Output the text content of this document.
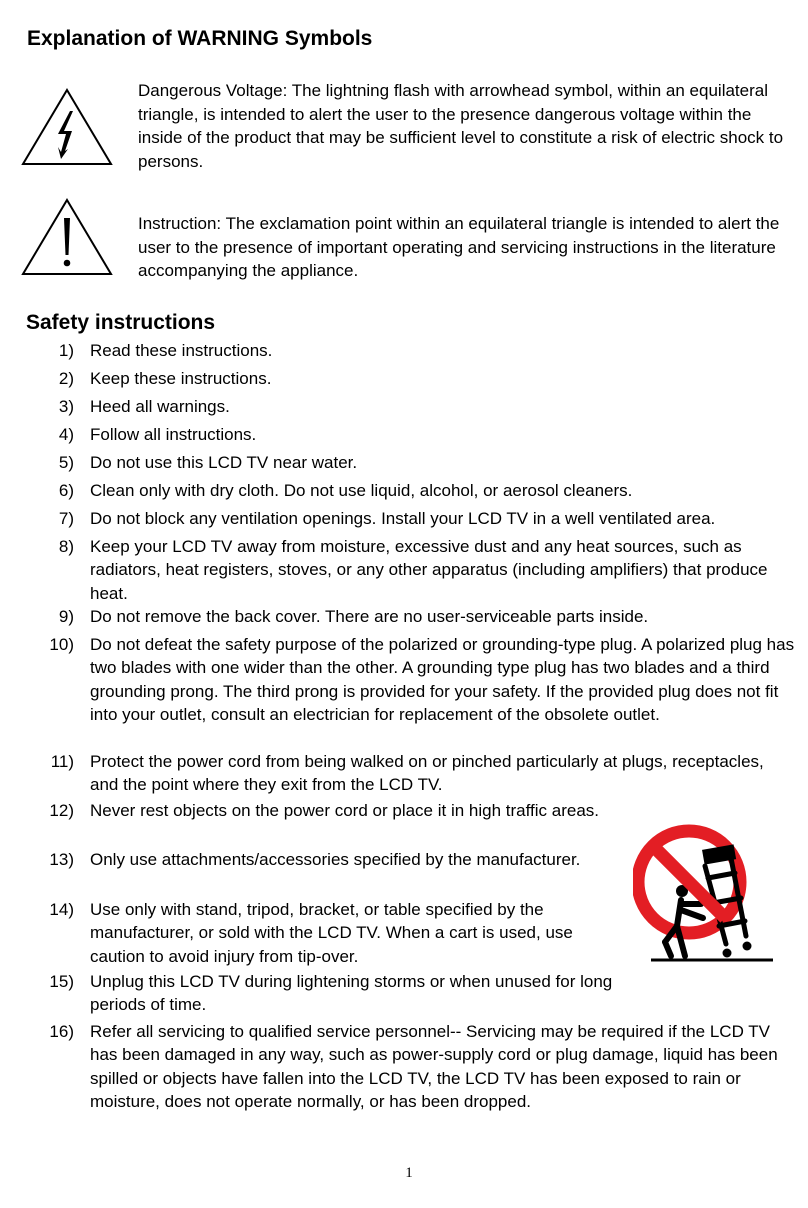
Explanation of WARNING Symbols
Dangerous Voltage: The lightning flash with arrowhead symbol, within an equilateral triangle, is intended to alert the user to the presence dangerous voltage within the inside of the product that may be sufficient level to constitute a risk of electric shock to persons.
Instruction: The exclamation point within an equilateral triangle is intended to alert the user to the presence of important operating and servicing instructions in the literature accompanying the appliance.
Safety instructions
1) Read these instructions.
2) Keep these instructions.
3) Heed all warnings.
4) Follow all instructions.
5) Do not use this LCD TV near water.
6) Clean only with dry cloth. Do not use liquid, alcohol, or aerosol cleaners.
7) Do not block any ventilation openings. Install your LCD TV in a well ventilated area.
8) Keep your LCD TV away from moisture, excessive dust and any heat sources, such as radiators, heat registers, stoves, or any other apparatus (including amplifiers) that produce heat.
9) Do not remove the back cover. There are no user-serviceable parts inside.
10) Do not defeat the safety purpose of the polarized or grounding-type plug. A polarized plug has two blades with one wider than the other. A grounding type plug has two blades and a third grounding prong. The third prong is provided for your safety. If the provided plug does not fit into your outlet, consult an electrician for replacement of the obsolete outlet.
11) Protect the power cord from being walked on or pinched particularly at plugs, receptacles, and the point where they exit from the LCD TV.
12) Never rest objects on the power cord or place it in high traffic areas.
13) Only use attachments/accessories specified by the manufacturer.
14) Use only with stand, tripod, bracket, or table specified by the manufacturer, or sold with the LCD TV. When a cart is used, use caution to avoid injury from tip-over.
15) Unplug this LCD TV during lightening storms or when unused for long periods of time.
16) Refer all servicing to qualified service personnel-- Servicing may be required if the LCD TV has been damaged in any way, such as power-supply cord or plug damage, liquid has been spilled or objects have fallen into the LCD TV, the LCD TV has been exposed to rain or moisture, does not operate normally, or has been dropped.
1
